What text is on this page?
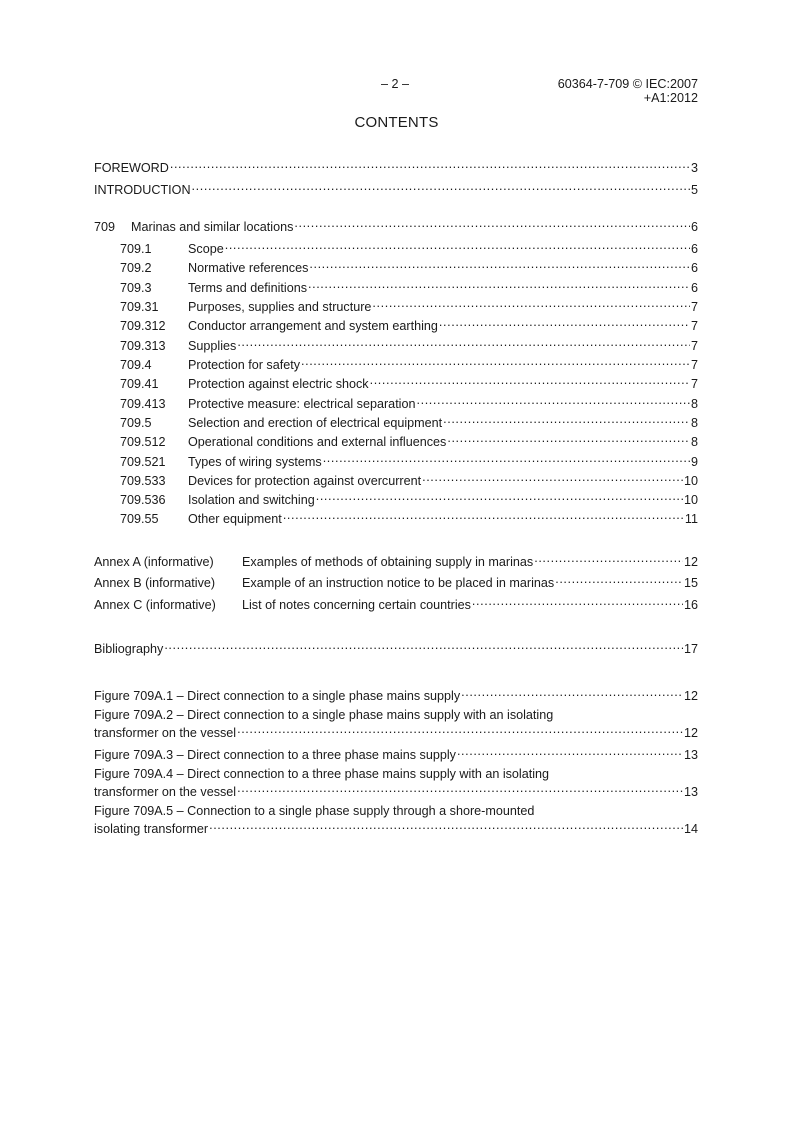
– 2 –	60364-7-709 © IEC:2007
+A1:2012
CONTENTS
FOREWORD .....	3
INTRODUCTION .....	5
709	Marinas and similar locations .....	6
709.1	Scope .....	6
709.2	Normative references .....	6
709.3	Terms and definitions .....	6
709.31	Purposes, supplies and structure .....	7
709.312	Conductor arrangement and system earthing .....	7
709.313	Supplies .....	7
709.4	Protection for safety .....	7
709.41	Protection against electric shock .....	7
709.413	Protective measure: electrical separation .....	8
709.5	Selection and erection of electrical equipment .....	8
709.512	Operational conditions and external influences .....	8
709.521	Types of wiring systems .....	9
709.533	Devices for protection against overcurrent .....	10
709.536	Isolation and switching .....	10
709.55	Other equipment .....	11
Annex A (informative)	Examples of methods of obtaining supply in marinas .....	12
Annex B (informative)	Example of an instruction notice to be placed in marinas .....	15
Annex C (informative)	List of notes concerning certain countries .....	16
Bibliography .....	17
Figure 709A.1 – Direct connection to a single phase mains supply .....	12
Figure 709A.2 – Direct connection to a single phase mains supply with an isolating
transformer on the vessel .....	12
Figure 709A.3 – Direct connection to a three phase mains supply .....	13
Figure 709A.4 – Direct connection to a three phase mains supply with an isolating
transformer on the vessel .....	13
Figure 709A.5 – Connection to a single phase supply through a shore-mounted
isolating transformer .....	14
